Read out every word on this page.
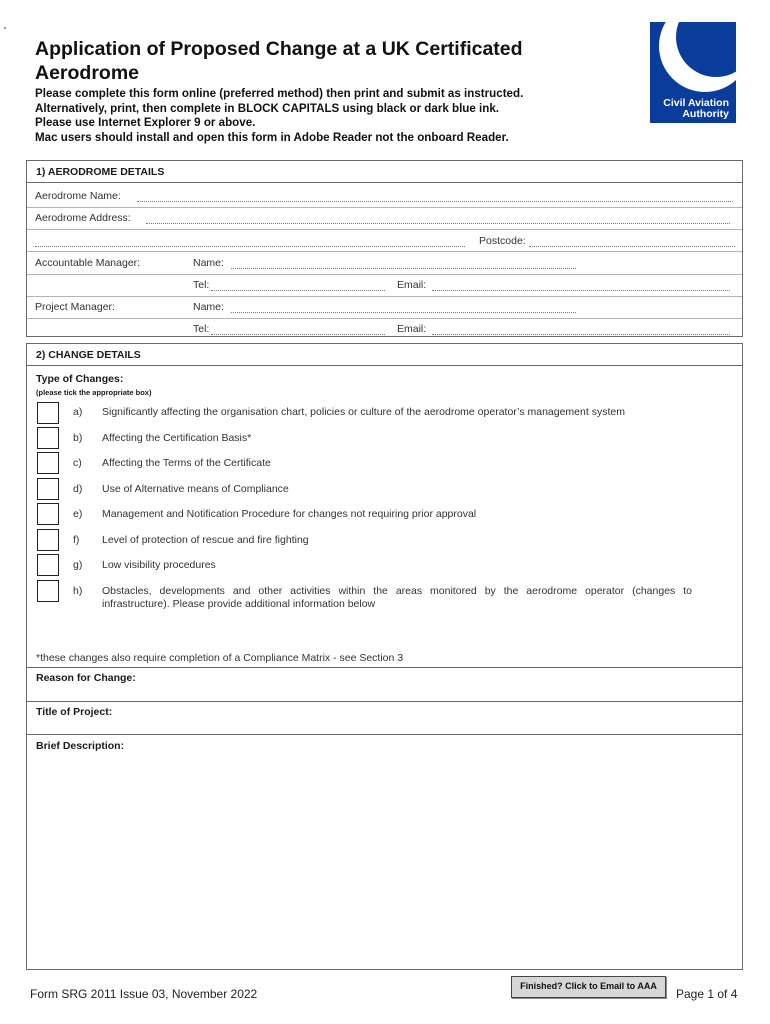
Application of Proposed Change at a UK Certificated
Aerodrome
Please complete this form online (preferred method) then print and submit as instructed.
Alternatively, print, then complete in BLOCK CAPITALS using black or dark blue ink.
Please use Internet Explorer 9 or above.
Mac users should install and open this form in Adobe Reader not the onboard Reader.
Civil Aviation
Authority
1) AERODROME DETAILS
Aerodrome Name:
Aerodrome Address:
Postcode:
Accountable Manager:	Name:
Tel:	Email:
Project Manager:	Name:
Tel:	Email:
2) CHANGE DETAILS
Type of Changes:
(please tick the appropriate box)
a) Significantly affecting the organisation chart, policies or culture of the aerodrome operator’s management system
b) Affecting the Certification Basis*
c) Affecting the Terms of the Certificate
d) Use of Alternative means of Compliance
e) Management and Notification Procedure for changes not requiring prior approval
f) Level of protection of rescue and fire fighting
g) Low visibility procedures
h) Obstacles, developments and other activities within the areas monitored by the aerodrome operator (changes to infrastructure). Please provide additional information below
*these changes also require completion of a Compliance Matrix - see Section 3
Reason for Change:
Title of Project:
Brief Description:
Form SRG 2011 Issue 03, November 2022
Finished? Click to Email to AAA
Page 1 of 4
